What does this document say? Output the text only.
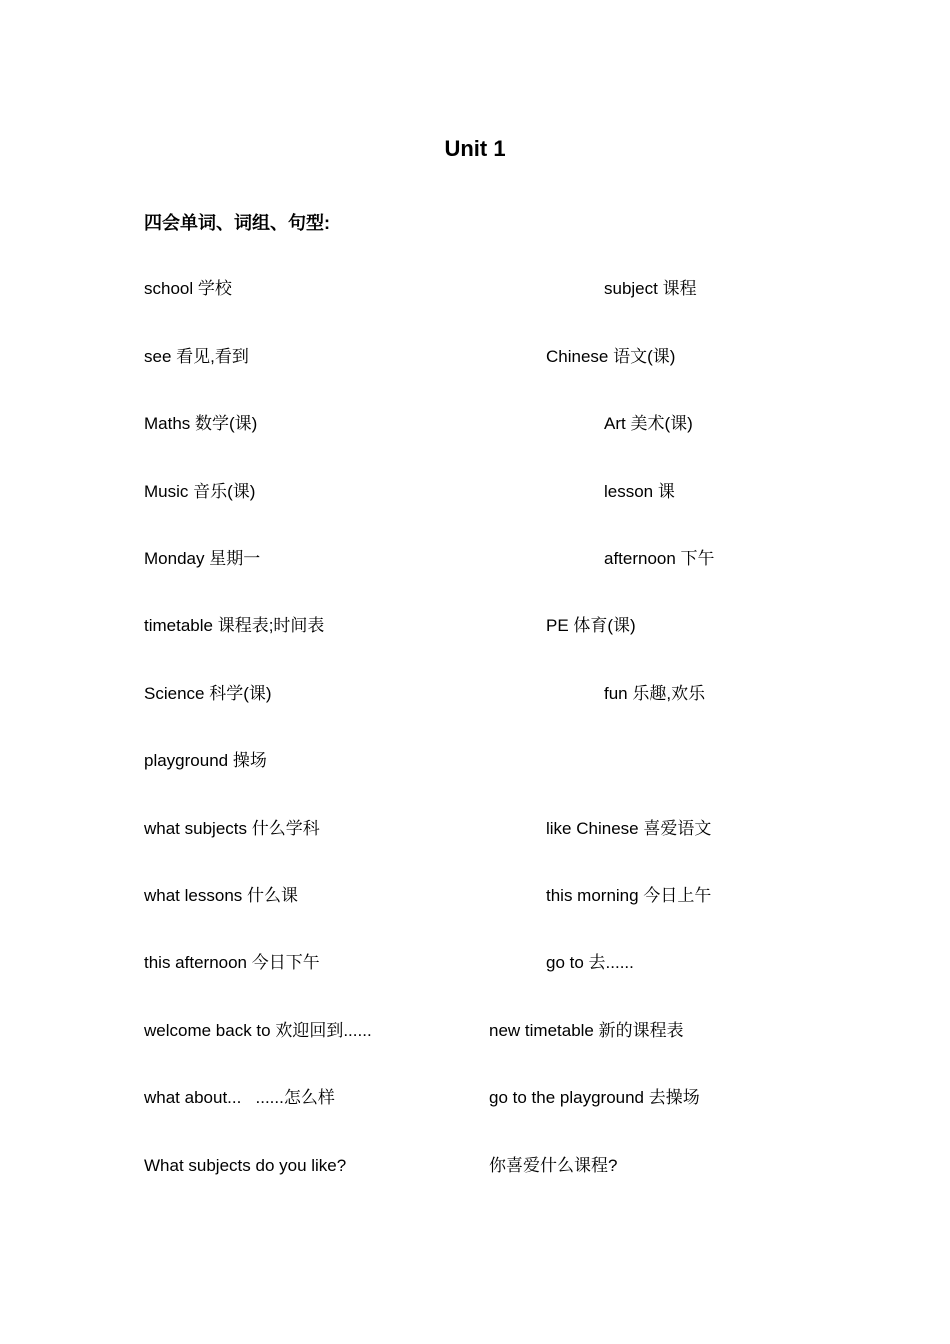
Unit 1
四会单词、词组、句型:
school 学校	subject 课程
see 看见,看到	Chinese 语文(课)
Maths 数学(课)	Art 美术(课)
Music 音乐(课)	lesson 课
Monday 星期一	afternoon 下午
timetable 课程表;时间表	PE 体育(课)
Science 科学(课)	fun 乐趣,欢乐
playground 操场
what subjects 什么学科	like Chinese 喜爱语文
what lessons 什么课	this morning 今日上午
this afternoon 今日下午	go to 去......
welcome back to 欢迎回到......	new timetable 新的课程表
what about...   ......怎么样	go to the playground 去操场
What subjects do you like?	你喜爱什么课程?
